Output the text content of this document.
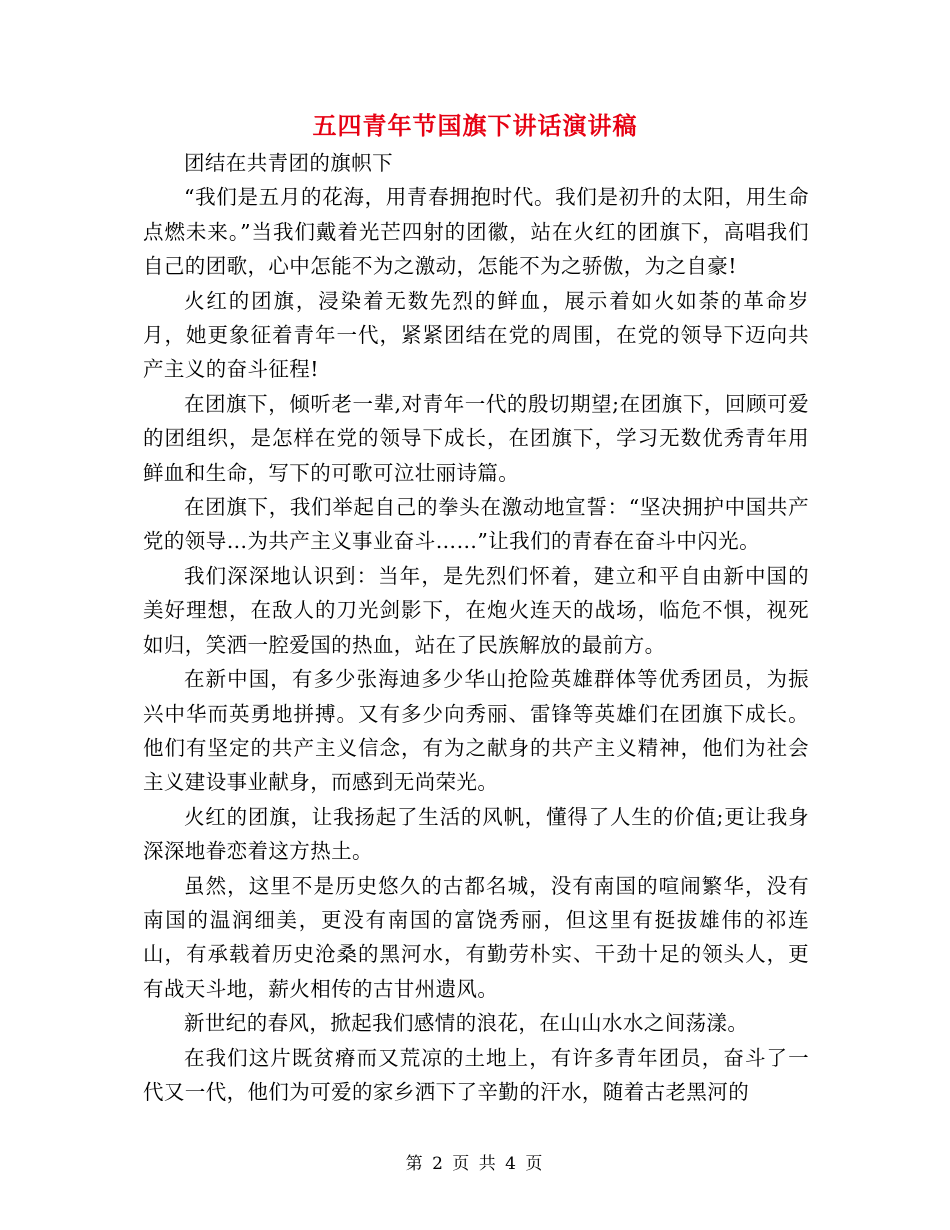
五四青年节国旗下讲话演讲稿

团结在共青团的旗帜下

“我们是五月的花海，用青春拥抱时代。我们是初升的太阳，用生命点燃未来。”当我们戴着光芒四射的团徽，站在火红的团旗下，高唱我们自己的团歌，心中怎能不为之激动，怎能不为之骄傲，为之自豪!

火红的团旗，浸染着无数先烈的鲜血，展示着如火如荼的革命岁月，她更象征着青年一代，紧紧团结在党的周围，在党的领导下迈向共产主义的奋斗征程!

在团旗下，倾听老一辈,对青年一代的殷切期望;在团旗下，回顾可爱的团组织，是怎样在党的领导下成长，在团旗下，学习无数优秀青年用鲜血和生命，写下的可歌可泣壮丽诗篇。

在团旗下，我们举起自己的拳头在激动地宣誓：“坚决拥护中国共产党的领导…为共产主义事业奋斗……”让我们的青春在奋斗中闪光。

我们深深地认识到：当年，是先烈们怀着，建立和平自由新中国的美好理想，在敌人的刀光剑影下，在炮火连天的战场，临危不惧，视死如归，笑洒一腔爱国的热血，站在了民族解放的最前方。

在新中国，有多少张海迪多少华山抢险英雄群体等优秀团员，为振兴中华而英勇地拼搏。又有多少向秀丽、雷锋等英雄们在团旗下成长。他们有坚定的共产主义信念，有为之献身的共产主义精神，他们为社会主义建设事业献身，而感到无尚荣光。

火红的团旗，让我扬起了生活的风帆，懂得了人生的价值;更让我身深深地眷恋着这方热土。

虽然，这里不是历史悠久的古都名城，没有南国的喧闹繁华，没有南国的温润细美，更没有南国的富饶秀丽，但这里有挺拔雄伟的祁连山，有承载着历史沧桑的黑河水，有勤劳朴实、干劲十足的领头人，更有战天斗地，薪火相传的古甘州遗风。

新世纪的春风，掀起我们感情的浪花，在山山水水之间荡漾。

在我们这片既贫瘠而又荒凉的土地上，有许多青年团员，奋斗了一代又一代，他们为可爱的家乡洒下了辛勤的汗水，随着古老黑河的

第 2 页 共 4 页
